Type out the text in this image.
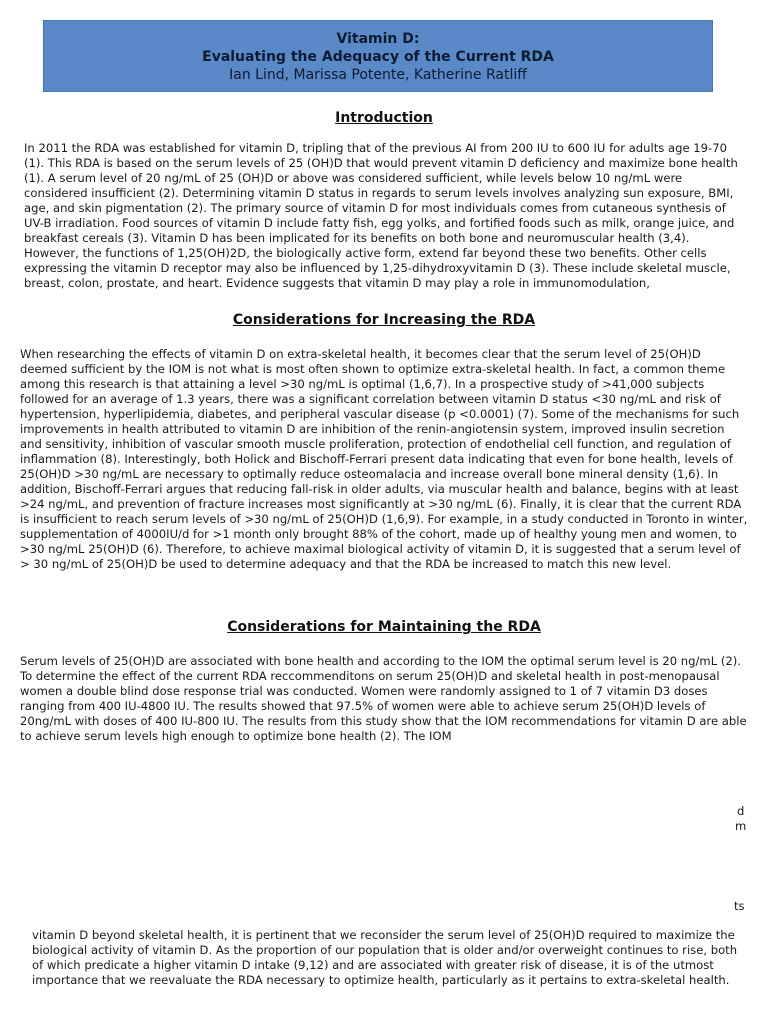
Vitamin D:
Evaluating the Adequacy of the Current RDA
Ian Lind, Marissa Potente, Katherine Ratliff
Introduction

In 2011 the RDA was established for vitamin D, tripling that of the previous AI from 200 IU to 600 IU for adults age 19-70 (1). This RDA is based on the serum levels of 25 (OH)D that would prevent vitamin D deficiency and maximize bone health (1). A serum level of 20 ng/mL of 25 (OH)D or above was considered sufficient, while levels below 10 ng/mL were considered insufficient (2). Determining vitamin D status in regards to serum levels involves analyzing sun exposure, BMI, age, and skin pigmentation (2). The primary source of vitamin D for most individuals comes from cutaneous synthesis of UV-B irradiation. Food sources of vitamin D include fatty fish, egg yolks, and fortified foods such as milk, orange juice, and breakfast cereals (3). Vitamin D has been implicated for its benefits on both bone and neuromuscular health (3,4). However, the functions of 1,25(OH)2D, the biologically active form, extend far beyond these two benefits. Other cells expressing the vitamin D receptor may also be influenced by 1,25-dihydroxyvitamin D (3). These include skeletal muscle, breast, colon, prostate, and heart. Evidence suggests that vitamin D may play a role in immunomodulation,

Considerations for Increasing the RDA

When researching the effects of vitamin D on extra-skeletal health, it becomes clear that the serum level of 25(OH)D deemed sufficient by the IOM is not what is most often shown to optimize extra-skeletal health. In fact, a common theme among this research is that attaining a level >30 ng/mL is optimal (1,6,7). In a prospective study of >41,000 subjects followed for an average of 1.3 years, there was a significant correlation between vitamin D status <30 ng/mL and risk of hypertension, hyperlipidemia, diabetes, and peripheral vascular disease (p <0.0001) (7). Some of the mechanisms for such improvements in health attributed to vitamin D are inhibition of the renin-angiotensin system, improved insulin secretion and sensitivity, inhibition of vascular smooth muscle proliferation, protection of endothelial cell function, and regulation of inflammation (8). Interestingly, both Holick and Bischoff-Ferrari present data indicating that even for bone health, levels of 25(OH)D >30 ng/mL are necessary to optimally reduce osteomalacia and increase overall bone mineral density (1,6). In addition, Bischoff-Ferrari argues that reducing fall-risk in older adults, via muscular health and balance, begins with at least >24 ng/mL, and prevention of fracture increases most significantly at >30 ng/mL (6). Finally, it is clear that the current RDA is insufficient to reach serum levels of >30 ng/mL of 25(OH)D (1,6,9). For example, in a study conducted in Toronto in winter, supplementation of 4000IU/d for >1 month only brought 88% of the cohort, made up of healthy young men and women, to >30 ng/mL 25(OH)D (6). Therefore, to achieve maximal biological activity of vitamin D, it is suggested that a serum level of > 30 ng/mL of 25(OH)D be used to determine adequacy and that the RDA be increased to match this new level.

Considerations for Maintaining the RDA

Serum levels of 25(OH)D are associated with bone health and according to the IOM the optimal serum level is 20 ng/mL (2). To determine the effect of the current RDA reccommenditons on serum 25(OH)D and skeletal health in post-menopausal women a double blind dose response trial was conducted. Women were randomly assigned to 1 of 7 vitamin D3 doses ranging from 400 IU-4800 IU. The results showed that 97.5% of women were able to achieve serum 25(OH)D levels of 20ng/mL with doses of 400 IU-800 IU. The results from this study show that the IOM recommendations for vitamin D are able to achieve serum levels high enough to optimize bone health (2). The IOM

d
m
ts

vitamin D beyond skeletal health, it is pertinent that we reconsider the serum level of 25(OH)D required to maximize the biological activity of vitamin D. As the proportion of our population that is older and/or overweight continues to rise, both of which predicate a higher vitamin D intake (9,12) and are associated with greater risk of disease, it is of the utmost importance that we reevaluate the RDA necessary to optimize health, particularly as it pertains to extra-skeletal health.
